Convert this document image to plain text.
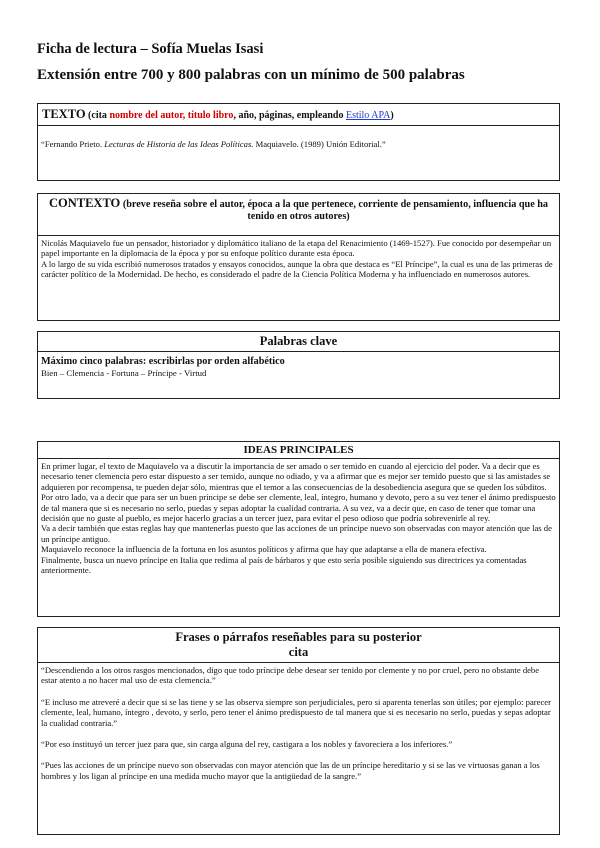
Ficha de lectura – Sofía Muelas Isasi
Extensión entre 700 y 800 palabras con un mínimo de 500 palabras
TEXTO (cita nombre del autor, título libro, año, páginas, empleando Estilo APA)
“Fernando Prieto. Lecturas de Historia de las Ideas Políticas. Maquiavelo. (1989) Unión Editorial.”
CONTEXTO (breve reseña sobre el autor, época a la que pertenece, corriente de pensamiento, influencia que ha tenido en otros autores)

Nicolás Maquiavelo fue un pensador, historiador y diplomático italiano de la etapa del Renacimiento (1469-1527). Fue conocido por desempeñar un papel importante en la diplomacia de la época y por su enfoque político durante esta época.

A lo largo de su vida escribió numerosos tratados y ensayos conocidos, aunque la obra que destaca es “El Príncipe”, la cual es una de las primeras de carácter político de la Modernidad. De hecho, es considerado el padre de la Ciencia Política Moderna y ha influenciado en numerosos autores.

Palabras clave
Máximo cinco palabras: escribirlas por orden alfabético
Bien – Clemencia - Fortuna – Príncipe - Virtud
IDEAS PRINCIPALES

En primer lugar, el texto de Maquiavelo va a discutir la importancia de ser amado o ser temido en cuando al ejercicio del poder. Va a decir que es necesario tener clemencia pero estar dispuesto a ser temido, aunque no odiado, y va a afirmar que es mejor ser temido puesto que si las amistades se adquieren por recompensa, te pueden dejar sólo, mientras que el temor a las consecuencias de la desobediencia asegura que se queden los súbditos.

Por otro lado, va a decir que para ser un buen príncipe se debe ser clemente, leal, íntegro, humano y devoto, pero a su vez tener el ánimo predispuesto de tal manera que si es necesario no serlo, puedas y sepas adoptar la cualidad contraria. A su vez, va a decir que, en caso de tener que tomar una decisión que no guste al pueblo, es mejor hacerlo gracias a un tercer juez, para evitar el peso odioso que podría sobrevenirle al rey.

Va a decir también que estas reglas hay que mantenerlas puesto que las acciones de un príncipe nuevo son observadas con mayor atención que las de un príncipe antiguo.

Maquiavelo reconoce la influencia de la fortuna en los asuntos políticos y afirma que hay que adaptarse a ella de manera efectiva.

Finalmente, busca un nuevo príncipe en Italia que redima al país de bárbaros y que esto sería posible siguiendo sus directrices ya comentadas anteriormente.

Frases o párrafos reseñables para su posterior
cita

“Descendiendo a los otros rasgos mencionados, digo que todo príncipe debe desear ser tenido por clemente y no por cruel, pero no obstante debe estar atento a no hacer mal uso de esta clemencia.”

“E incluso me atreveré a decir que si se las tiene y se las observa siempre son perjudiciales, pero si aparenta tenerlas son útiles; por ejemplo: parecer clemente, leal, humano, íntegro , devoto, y serlo, pero tener el ánimo predispuesto de tal manera que si es necesario no serlo, puedas y sepas adoptar la cualidad contraria.”

“Por eso instituyó un tercer juez para que, sin carga alguna del rey, castigara a los nobles y favoreciera a los inferiores.”

“Pues las acciones de un príncipe nuevo son observadas con mayor atención que las de un príncipe hereditario y si se las ve virtuosas ganan a los hombres y los ligan al príncipe en una medida mucho mayor que la antigüedad de la sangre.”
